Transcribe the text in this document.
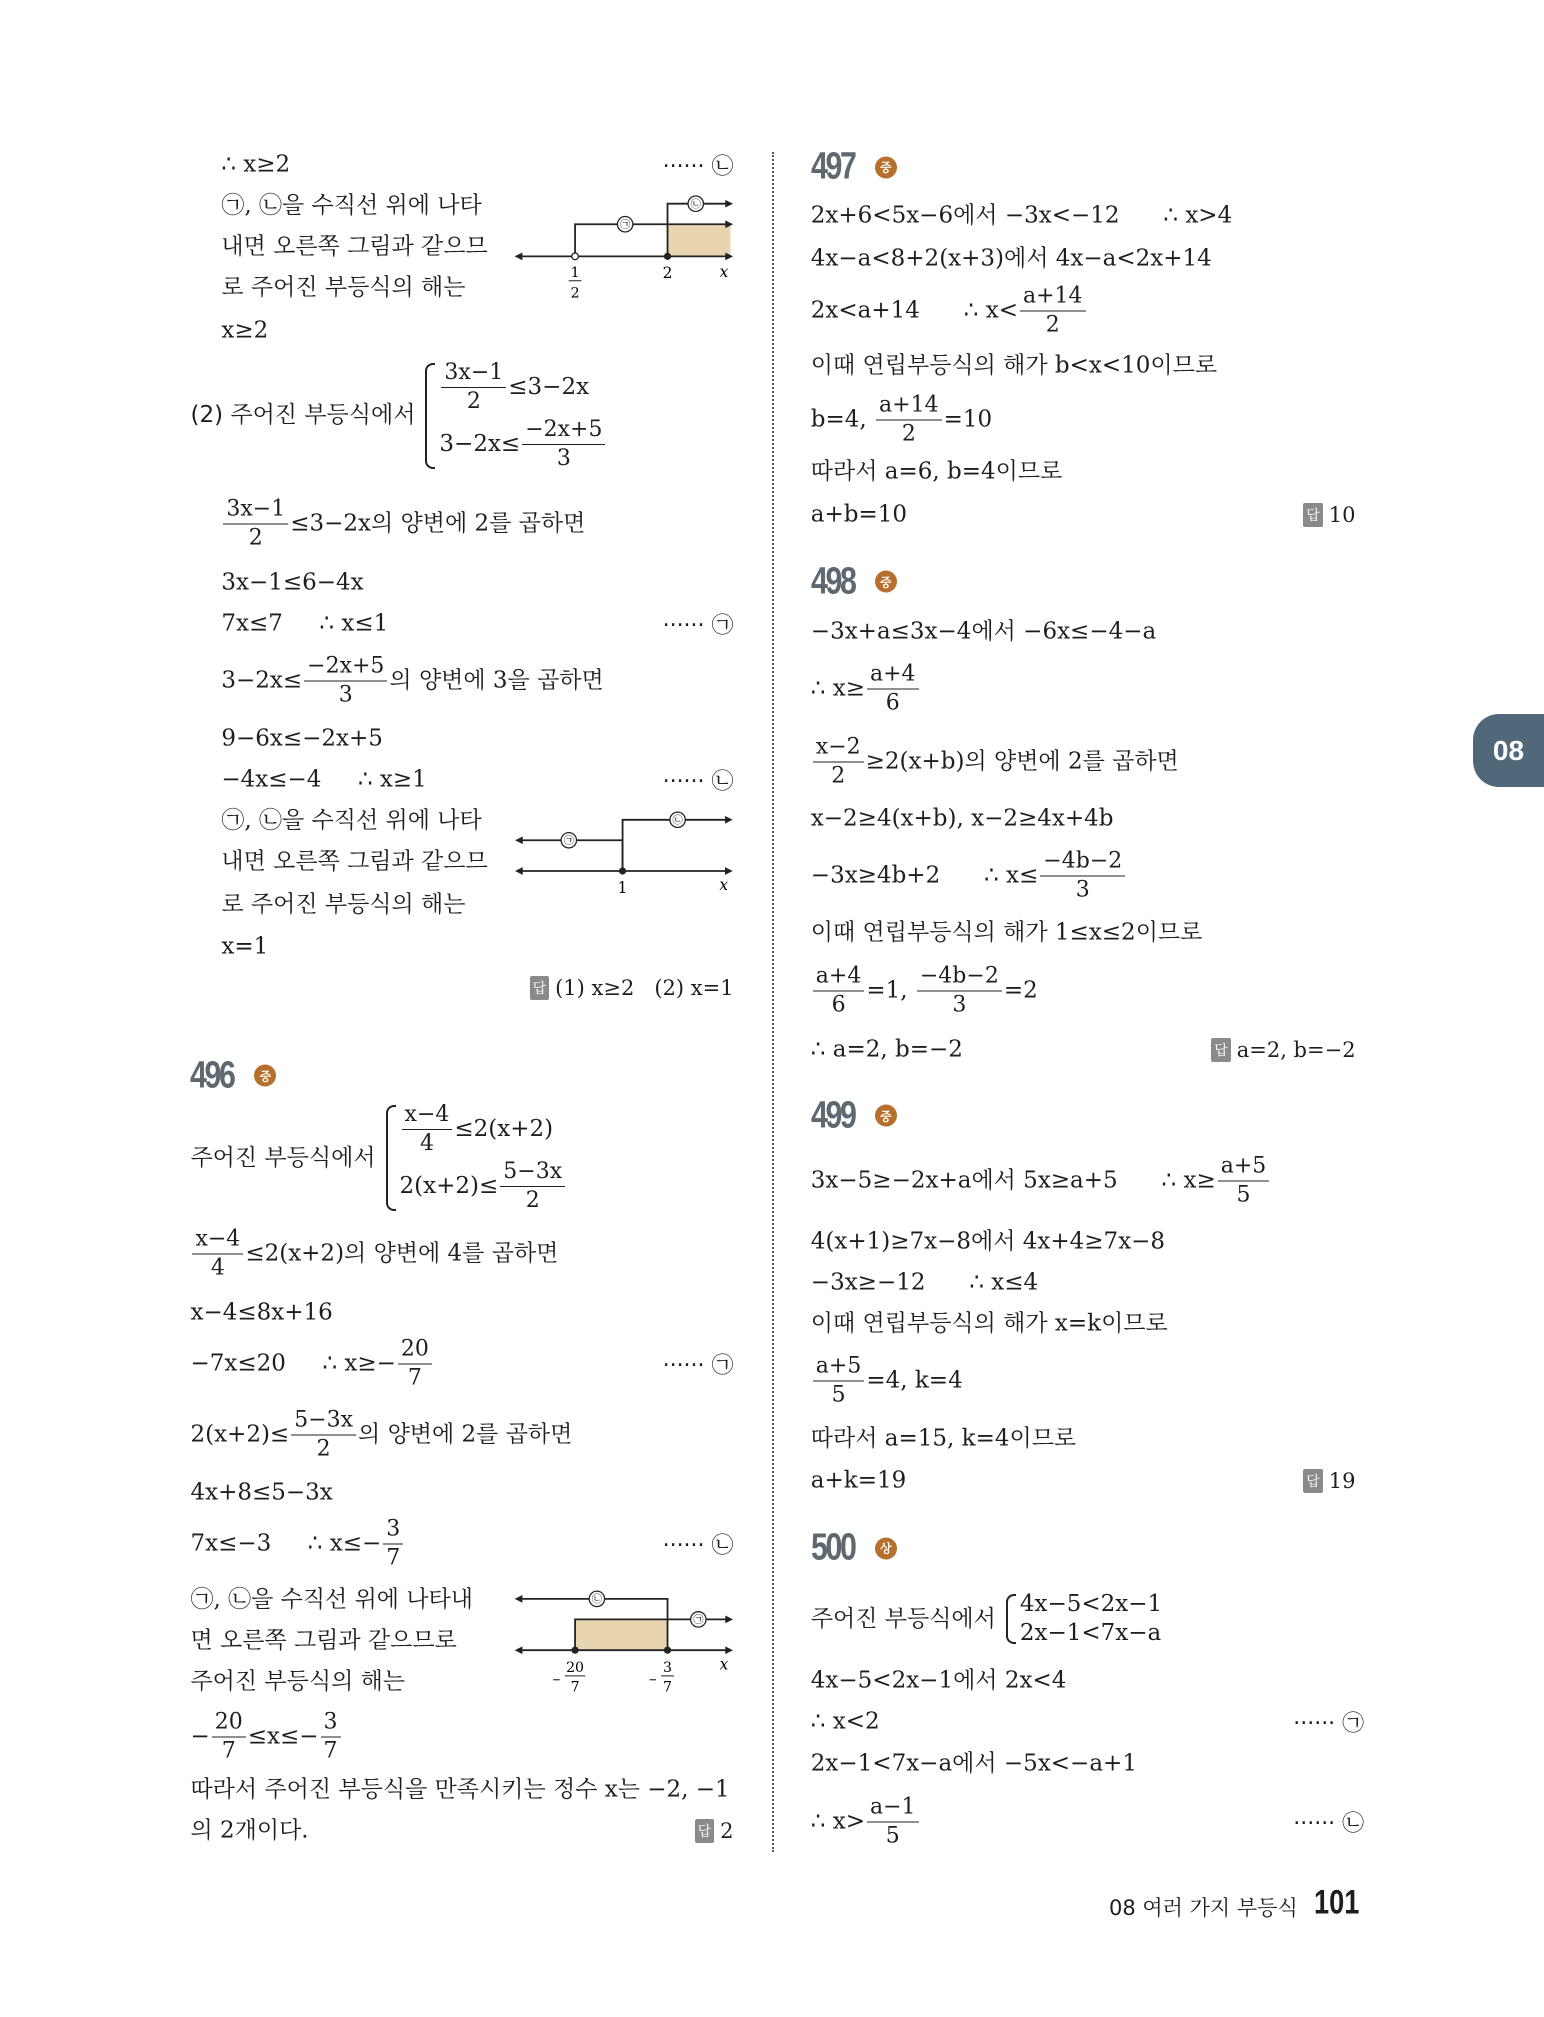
08
∴ x≥2	······ ㉡
㉠, ㉡을 수직선 위에 나타
내면 오른쪽 그림과 같으므
로 주어진 부등식의 해는
x≥2
(2) 주어진 부등식에서
$\frac{3x-1}{2} \le 3-2x$
$3-2x\le \frac{-2x+5}{3}$
$\frac{3x-1}{2} \le 3-2x$의 양변에 2를 곱하면
3x−1≤6−4x
7x≤7     ∴ x≤1	······ ㉠
$3-2x\le \frac{-2x+5}{3}$ 의 양변에 3을 곱하면
9−6x≤−2x+5
−4x≤−4     ∴ x≥1	······ ㉡
㉠, ㉡을 수직선 위에 나타
내면 오른쪽 그림과 같으므
로 주어진 부등식의 해는
x=1
답 (1) x≥2   (2) x=1
496	중
주어진 부등식에서
$\frac{x-4}{4} \le 2(x+2)$
$2(x+2)\le \frac{5-3x}{2}$
$\frac{x-4}{4} \le 2(x+2)$의 양변에 4를 곱하면
x−4≤8x+16
−7x≤20     ∴ $x\ge- \frac{20}{7}$	······ ㉠
$2(x+2)\le \frac{5-3x}{2}$ 의 양변에 2를 곱하면
4x+8≤5−3x
7x≤−3     ∴ $x\le- \frac{3}{7}$	······ ㉡
㉠, ㉡을 수직선 위에 나타내
면 오른쪽 그림과 같으므로
주어진 부등식의 해는
− $\frac{20}{7} \le x\le- \frac{3}{7}$
따라서 주어진 부등식을 만족시키는 정수 x는 −2, −1
의 2개이다.	답 2
497	중
2x+6<5x−6에서 −3x<−12      ∴ x>4
4x−a<8+2(x+3)에서 4x−a<2x+14
2x<a+14      ∴ $x< \frac{a+14}{2}$
이때 연립부등식의 해가 b<x<10이므로
b=4, $\frac{a+14}{2} =10$
따라서 a=6, b=4이므로
a+b=10	답 10
498	중
−3x+a≤3x−4에서 −6x≤−4−a
∴ $x\ge \frac{a+4}{6}$
$\frac{x-2}{2} \ge 2(x+b)$의 양변에 2를 곱하면
x−2≥4(x+b), x−2≥4x+4b
−3x≥4b+2      ∴ $x\le \frac{-4b-2}{3}$
이때 연립부등식의 해가 1≤x≤2이므로
$\frac{a+4}{6} =1$, $\frac{-4b-2}{3} =2$
∴ a=2, b=−2	답 a=2, b=−2
499	중
3x−5≥−2x+a에서 5x≥a+5      ∴ $x\ge \frac{a+5}{5}$
4(x+1)≥7x−8에서 4x+4≥7x−8
−3x≥−12      ∴ x≤4
이때 연립부등식의 해가 x=k이므로
$\frac{a+5}{5} =4$, k=4
따라서 a=15, k=4이므로
a+k=19	답 19
500	상
주어진 부등식에서
4x−5<2x−1
2x−1<7x−a
4x−5<2x−1에서 2x<4
∴ x<2	······ ㉠
2x−1<7x−a에서 −5x<−a+1
∴ $x> \frac{a-1}{5}$	······ ㉡
㉠
㉡
1
2
2	x
㉠
㉡
1	x
㉡
㉠
20
7
3
7
x
08 여러 가지 부등식 101
